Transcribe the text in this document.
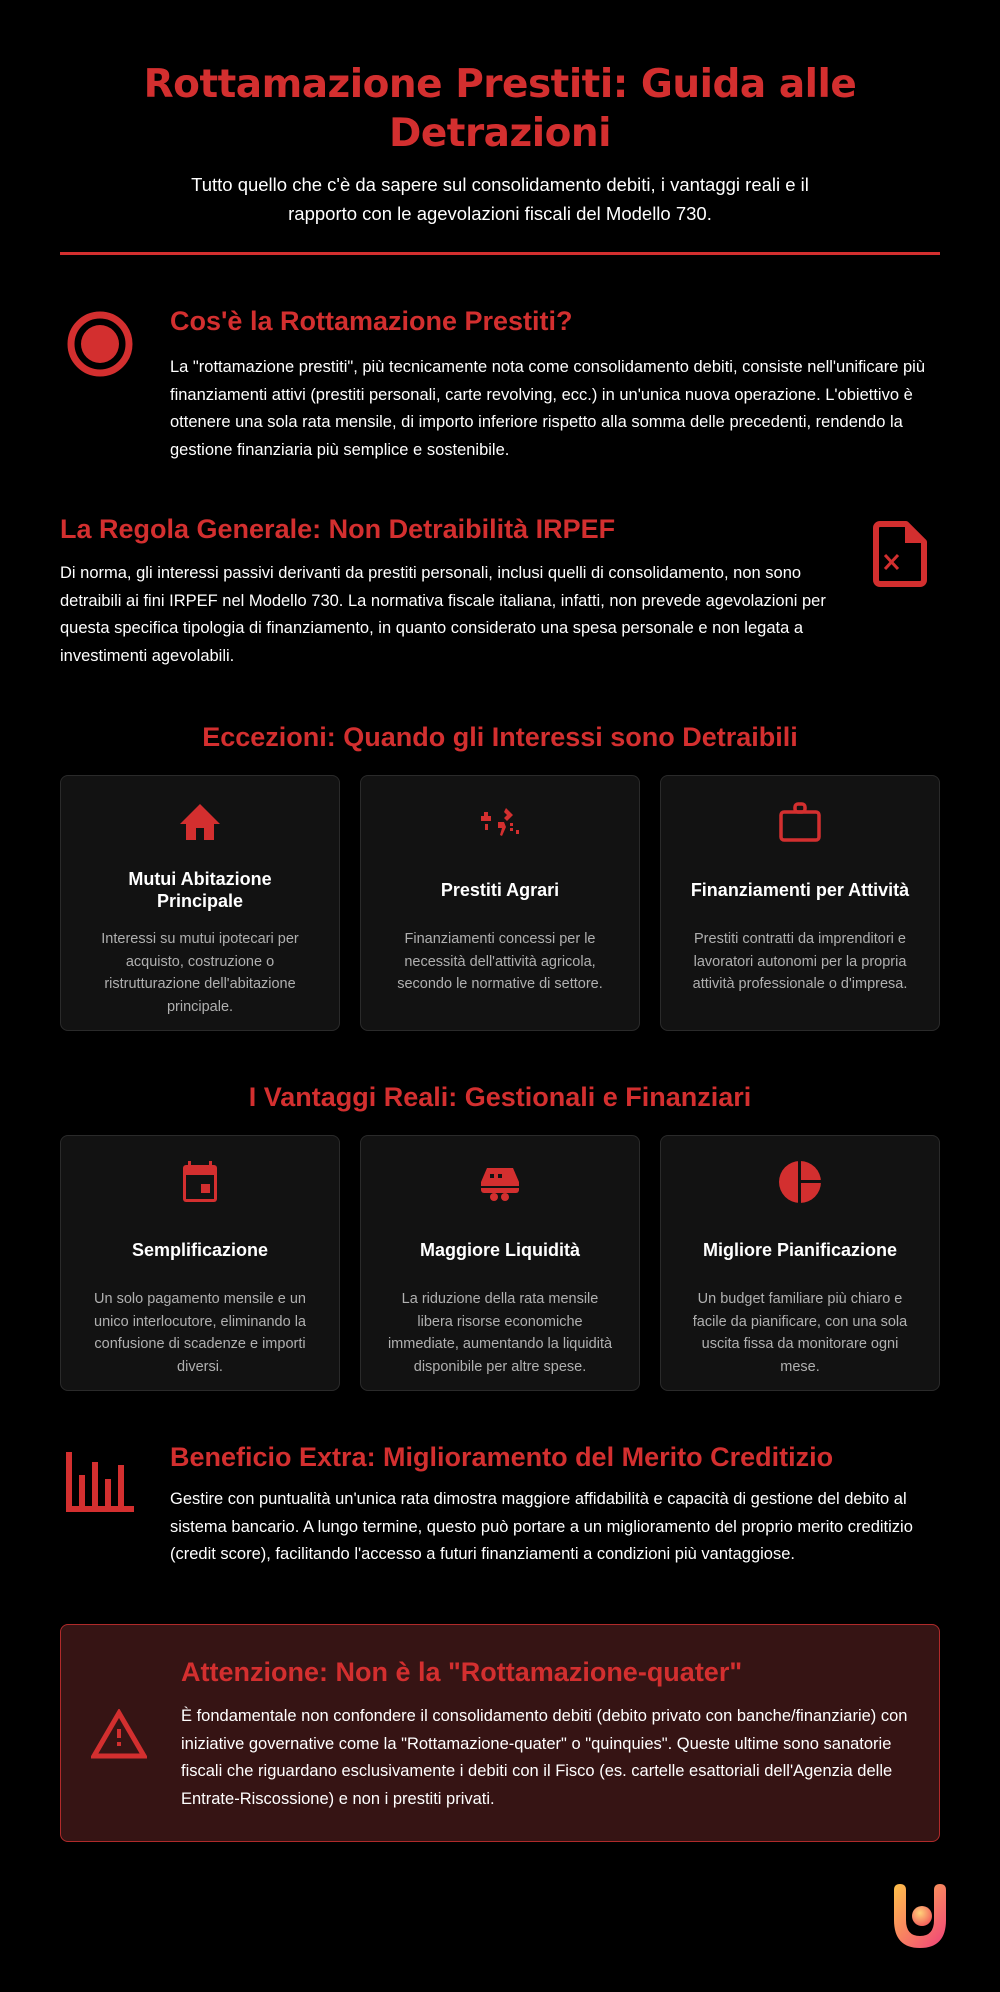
Rottamazione Prestiti: Guida alle Detrazioni

Tutto quello che c'è da sapere sul consolidamento debiti, i vantaggi reali e il rapporto con le agevolazioni fiscali del Modello 730.

Cos'è la Rottamazione Prestiti?

La "rottamazione prestiti", più tecnicamente nota come consolidamento debiti, consiste nell'unificare più finanziamenti attivi (prestiti personali, carte revolving, ecc.) in un'unica nuova operazione. L'obiettivo è ottenere una sola rata mensile, di importo inferiore rispetto alla somma delle precedenti, rendendo la gestione finanziaria più semplice e sostenibile.

La Regola Generale: Non Detraibilità IRPEF

Di norma, gli interessi passivi derivanti da prestiti personali, inclusi quelli di consolidamento, non sono detraibili ai fini IRPEF nel Modello 730. La normativa fiscale italiana, infatti, non prevede agevolazioni per questa specifica tipologia di finanziamento, in quanto considerato una spesa personale e non legata a investimenti agevolabili.

Eccezioni: Quando gli Interessi sono Detraibili
Mutui Abitazione Principale

Interessi su mutui ipotecari per acquisto, costruzione o ristrutturazione dell'abitazione principale.

Prestiti Agrari

Finanziamenti concessi per le necessità dell'attività agricola, secondo le normative di settore.

Finanziamenti per Attività

Prestiti contratti da imprenditori e lavoratori autonomi per la propria attività professionale o d'impresa.

I Vantaggi Reali: Gestionali e Finanziari
Semplificazione

Un solo pagamento mensile e un unico interlocutore, eliminando la confusione di scadenze e importi diversi.

Maggiore Liquidità

La riduzione della rata mensile libera risorse economiche immediate, aumentando la liquidità disponibile per altre spese.

Migliore Pianificazione

Un budget familiare più chiaro e facile da pianificare, con una sola uscita fissa da monitorare ogni mese.

Beneficio Extra: Miglioramento del Merito Creditizio

Gestire con puntualità un'unica rata dimostra maggiore affidabilità e capacità di gestione del debito al sistema bancario. A lungo termine, questo può portare a un miglioramento del proprio merito creditizio (credit score), facilitando l'accesso a futuri finanziamenti a condizioni più vantaggiose.

Attenzione: Non è la "Rottamazione-quater"

È fondamentale non confondere il consolidamento debiti (debito privato con banche/finanziarie) con iniziative governative come la "Rottamazione-quater" o "quinquies". Queste ultime sono sanatorie fiscali che riguardano esclusivamente i debiti con il Fisco (es. cartelle esattoriali dell'Agenzia delle Entrate-Riscossione) e non i prestiti privati.
